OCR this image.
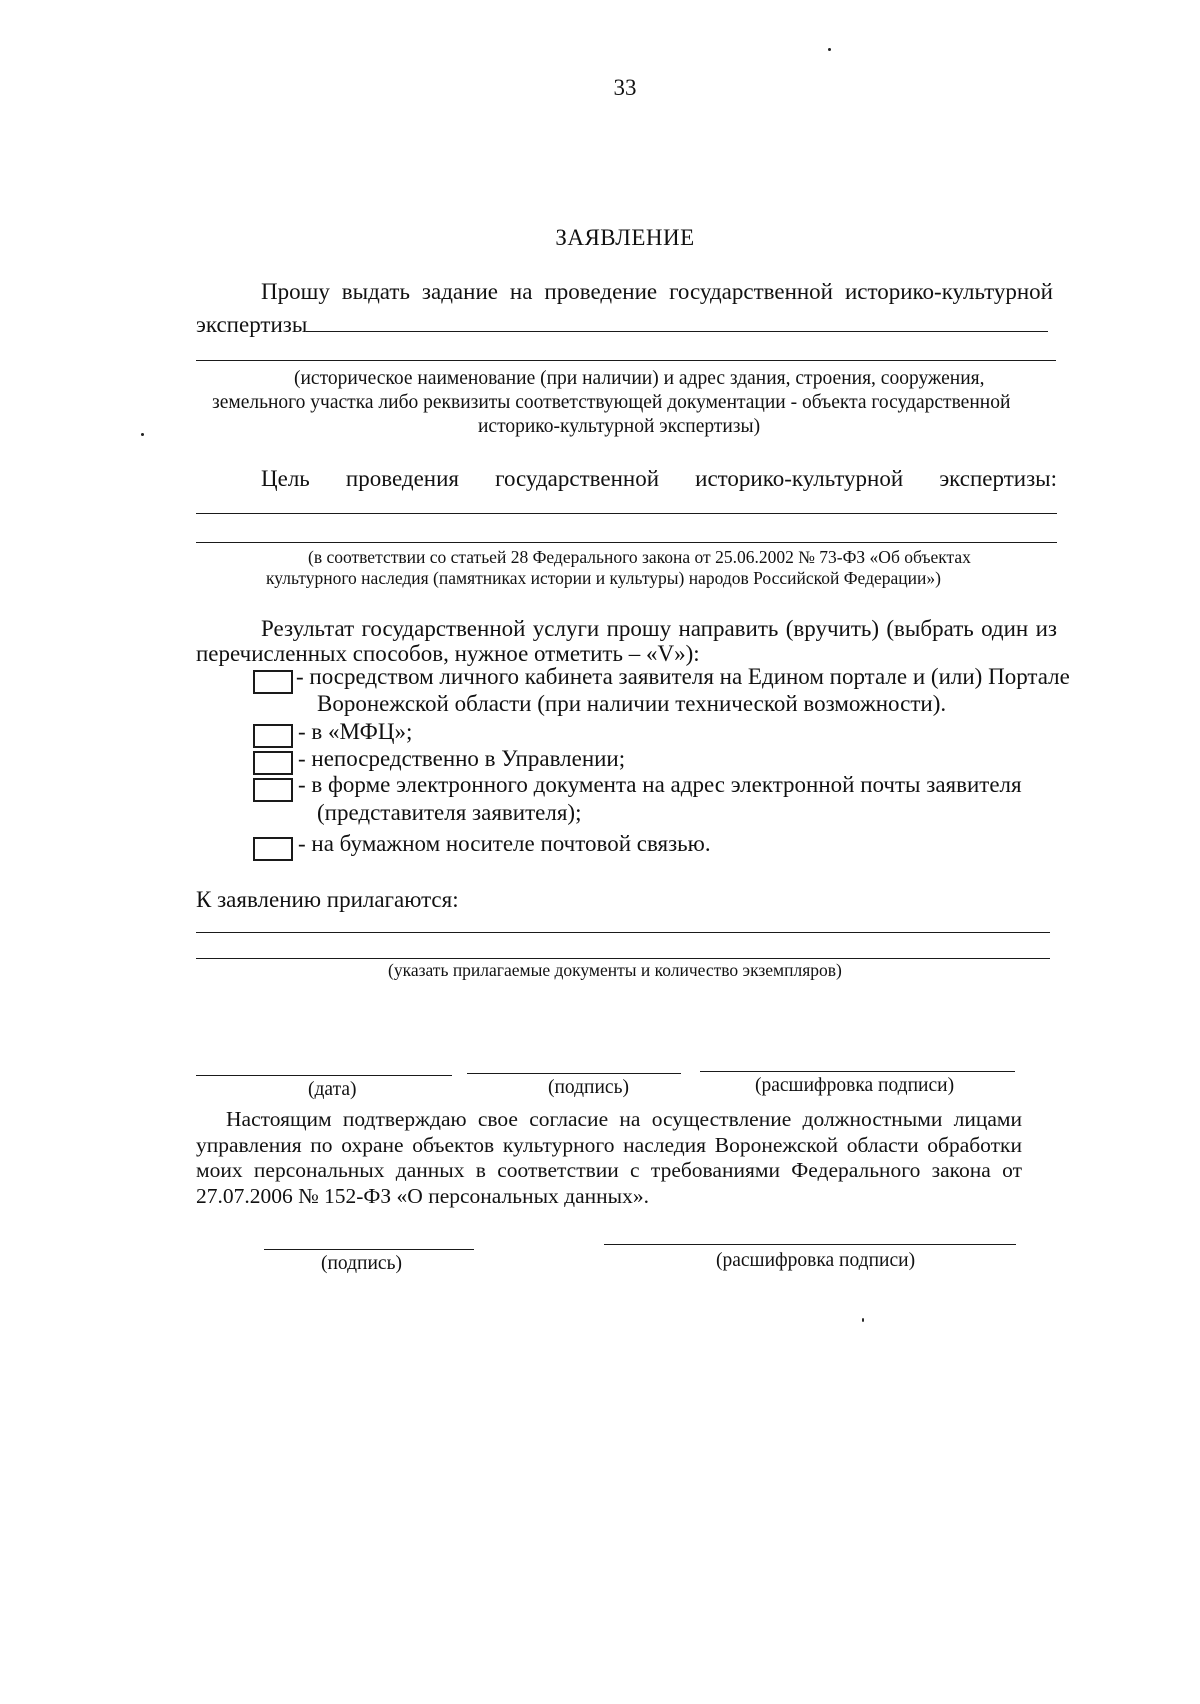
33
ЗАЯВЛЕНИЕ
Прошу выдать задание на проведение государственной историко-культурной
экспертизы
(историческое наименование (при наличии) и адрес здания, строения, сооружения,
земельного участка либо реквизиты соответствующей документации - объекта государственной
историко-культурной экспертизы)
Цель проведения государственной историко-культурной экспертизы:
(в соответствии со статьей 28 Федерального закона от 25.06.2002 № 73-ФЗ «Об объектах
культурного наследия (памятниках истории и культуры) народов Российской Федерации»)
Результат государственной услуги прошу направить (вручить) (выбрать один из
перечисленных способов, нужное отметить – «V»):
- посредством личного кабинета заявителя на Едином портале и (или) Портале
Воронежской области (при наличии технической возможности).
- в «МФЦ»;
- непосредственно в Управлении;
- в форме электронного документа на адрес электронной почты заявителя
(представителя заявителя);
- на бумажном носителе почтовой связью.
К заявлению прилагаются:
(указать прилагаемые документы и количество экземпляров)
(дата)	(подпись)	(расшифровка подписи)

Настоящим подтверждаю свое согласие на осуществление должностными лицами управления по охране объектов культурного наследия Воронежской области обработки моих персональных данных в соответствии с требованиями Федерального закона от 27.07.2006 № 152-ФЗ «О персональных данных».

(подпись)	(расшифровка подписи)
